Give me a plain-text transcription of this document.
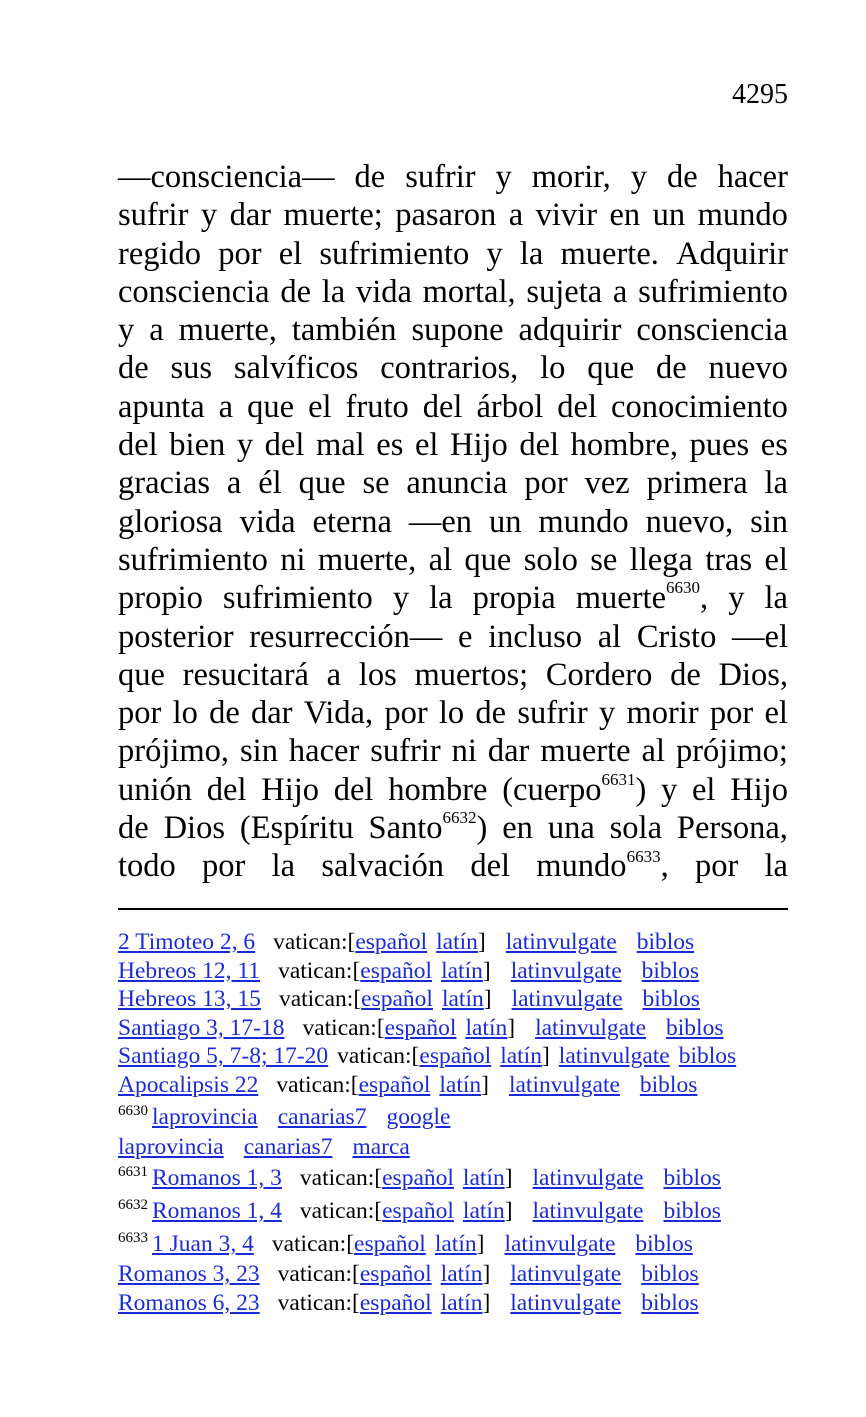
4295
—consciencia— de sufrir y morir, y de hacer
sufrir y dar muerte; pasaron a vivir en un mundo
regido por el sufrimiento y la muerte. Adquirir
consciencia de la vida mortal, sujeta a sufrimiento
y a muerte, también supone adquirir consciencia
de sus salvíficos contrarios, lo que de nuevo
apunta a que el fruto del árbol del conocimiento
del bien y del mal es el Hijo del hombre, pues es
gracias a él que se anuncia por vez primera la
gloriosa vida eterna —en un mundo nuevo, sin
sufrimiento ni muerte, al que solo se llega tras el
propio sufrimiento y la propia muerte$^{6630}$, y la
posterior resurrección— e incluso al Cristo —el
que resucitará a los muertos; Cordero de Dios,
por lo de dar Vida, por lo de sufrir y morir por el
prójimo, sin hacer sufrir ni dar muerte al prójimo;
unión del Hijo del hombre (cuerpo$^{6631}$) y el Hijo
de Dios (Espíritu Santo$^{6632}$) en una sola Persona,
todo por la salvación del mundo$^{6633}$, por la
2 Timoteo 2, 6 vatican:[español latín] latinvulgate biblos
Hebreos 12, 11 vatican:[español latín] latinvulgate biblos
Hebreos 13, 15 vatican:[español latín] latinvulgate biblos
Santiago 3, 17-18 vatican:[español latín] latinvulgate biblos
Santiago 5, 7-8; 17-20 vatican:[español latín] latinvulgate biblos
Apocalipsis 22 vatican:[español latín] latinvulgate biblos
$^{6630}$ laprovincia canarias7 google
laprovincia canarias7 marca
$^{6631}$ Romanos 1, 3 vatican:[español latín] latinvulgate biblos
$^{6632}$ Romanos 1, 4 vatican:[español latín] latinvulgate biblos
$^{6633}$ 1 Juan 3, 4 vatican:[español latín] latinvulgate biblos
Romanos 3, 23 vatican:[español latín] latinvulgate biblos
Romanos 6, 23 vatican:[español latín] latinvulgate biblos
